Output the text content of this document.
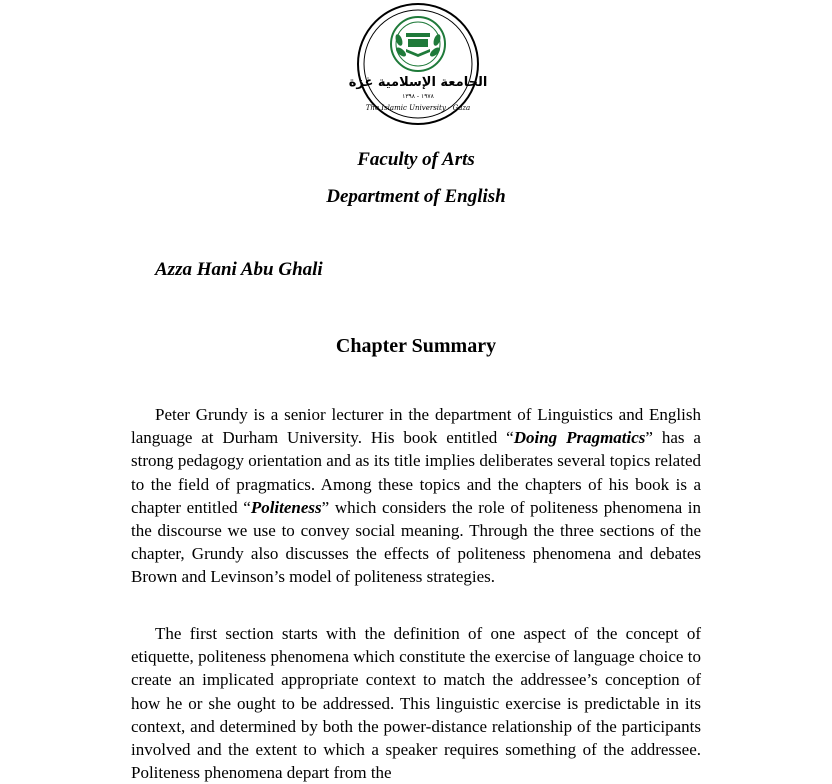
الجامعة الإسلامية غزة
١٩٧٨ - ١٣٩٨
The Islamic University - Gaza
Faculty of Arts
Department of English
Azza Hani Abu Ghali
Chapter Summary

Peter Grundy is a senior lecturer in the department of Linguistics and English language at Durham University. His book entitled “Doing Pragmatics” has a strong pedagogy orientation and as its title implies deliberates several topics related to the field of pragmatics. Among these topics and the chapters of his book is a chapter entitled “Politeness” which considers the role of politeness phenomena in the discourse we use to convey social meaning. Through the three sections of the chapter, Grundy also discusses the effects of politeness phenomena and debates Brown and Levinson’s model of politeness strategies.

The first section starts with the definition of one aspect of the concept of etiquette, politeness phenomena which constitute the exercise of language choice to create an implicated appropriate context to match the addressee’s conception of how he or she ought to be addressed. This linguistic exercise is predictable in its context, and determined by both the power-distance relationship of the participants involved and the extent to which a speaker requires something of the addressee. Politeness phenomena depart from the
